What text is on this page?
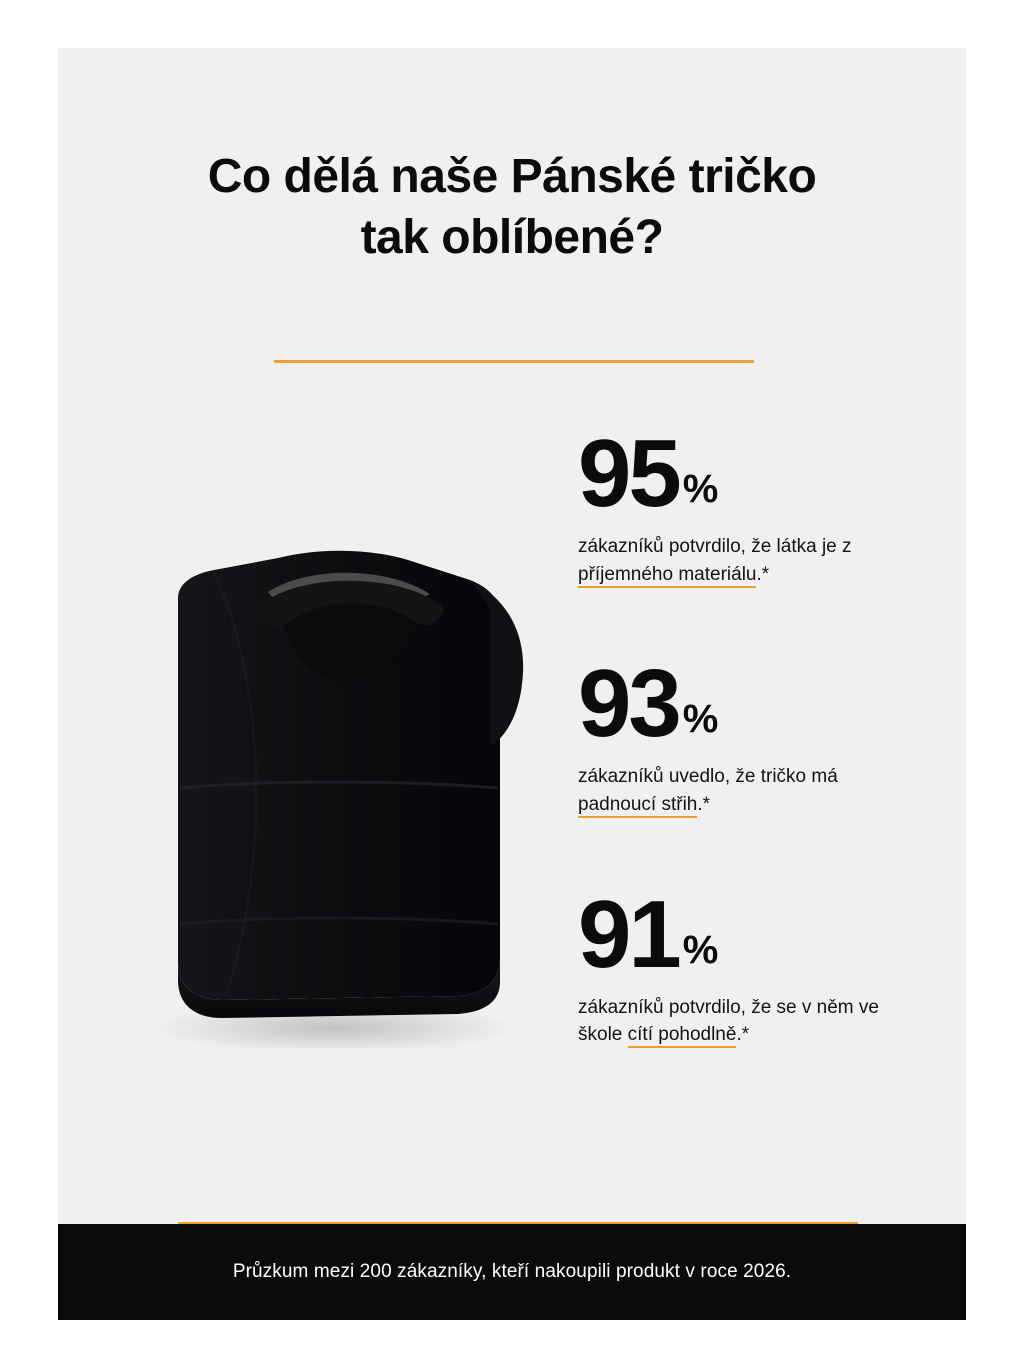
Co dělá naše Pánské tričko
tak oblíbené?
95 %
zákazníků potvrdilo, že látka je z příjemného materiálu.*
93 %
zákazníků uvedlo, že tričko má padnoucí střih.*
91 %
zákazníků potvrdilo, že se v něm ve škole cítí pohodlně.*
Průzkum mezi 200 zákazníky, kteří nakoupili produkt v roce 2026.
